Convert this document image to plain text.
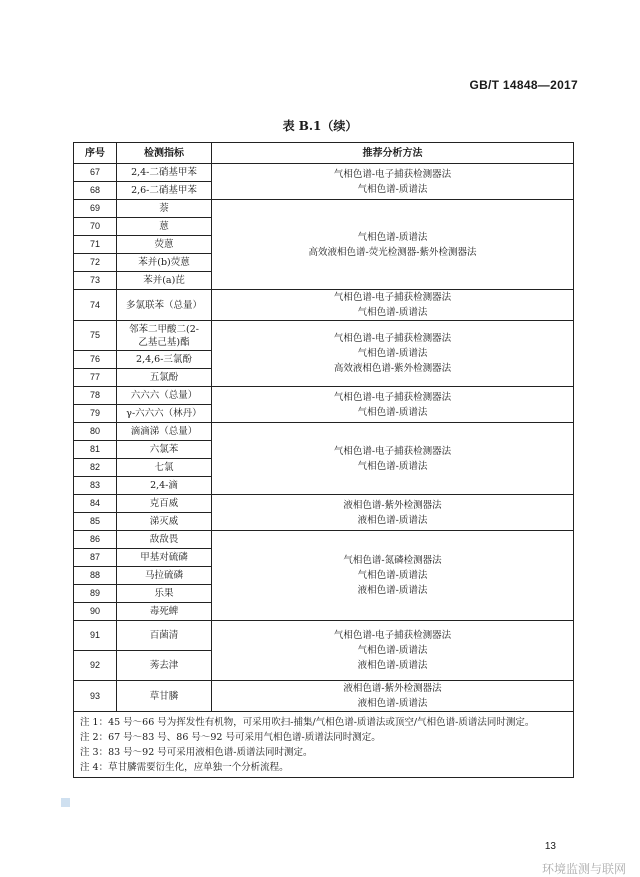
GB/T 14848—2017
表 B.1（续）
序号	检测指标	推荐分析方法
67	2,4-二硝基甲苯	气相色谱-电子捕获检测器法
气相色谱-质谱法

68	2,6-二硝基甲苯	
69	萘	气相色谱-质谱法
高效液相色谱-荧光检测器-紫外检测器法

70	蒽	
71	荧蒽	
72	苯并(b)荧蒽	
73	苯并(a)芘	
74	多氯联苯（总量）	气相色谱-电子捕获检测器法
气相色谱-质谱法

75	邻苯二甲酸二(2-乙基己基)酯	气相色谱-电子捕获检测器法
气相色谱-质谱法
高效液相色谱-紫外检测器法

76	2,4,6-三氯酚	
77	五氯酚	
78	六六六（总量）	气相色谱-电子捕获检测器法
气相色谱-质谱法

79	γ-六六六（林丹）	
80	滴滴涕（总量）	气相色谱-电子捕获检测器法
气相色谱-质谱法

81	六氯苯	
82	七氯	
83	2,4-滴	
84	克百威	液相色谱-紫外检测器法
液相色谱-质谱法

85	涕灭威	
86	敌敌畏	气相色谱-氮磷检测器法
气相色谱-质谱法
液相色谱-质谱法

87	甲基对硫磷	
88	马拉硫磷	
89	乐果	
90	毒死蜱	
91	百菌清	气相色谱-电子捕获检测器法
气相色谱-质谱法
液相色谱-质谱法

92	莠去津	
93	草甘膦	液相色谱-紫外检测器法
液相色谱-质谱法

注 1：45 号～66 号为挥发性有机物，可采用吹扫-捕集/气相色谱-质谱法或顶空/气相色谱-质谱法同时测定。
注 2：67 号～83 号、86 号～92 号可采用气相色谱-质谱法同时测定。
注 3：83 号～92 号可采用液相色谱-质谱法同时测定。
注 4：草甘膦需要衍生化，应单独一个分析流程。		
13
环境监测与联网
